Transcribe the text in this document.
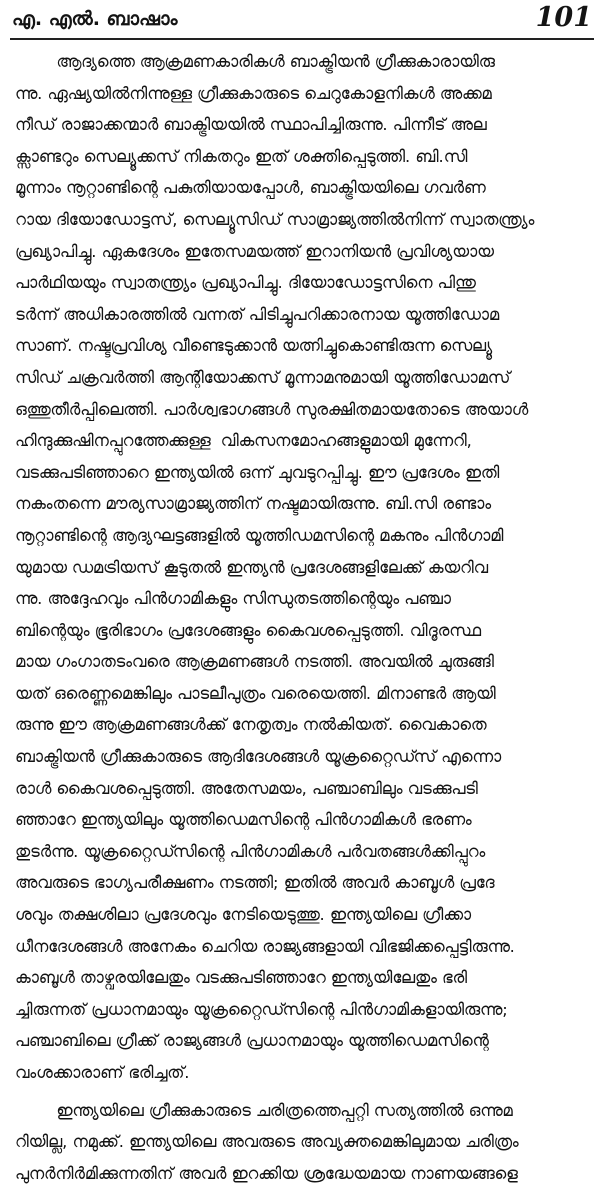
എ. എൽ. ബാഷാം	101
ആദ്യത്തെ ആക്രമണകാരികൾ ബാക്ട്രിയൻ ഗ്രീക്കുകാരായിരു
ന്നു. ഏഷ്യയിൽനിന്നുള്ള ഗ്രീക്കുകാരുടെ ചെറുകോളനികൾ അക്കമ
നീഡ് രാജാക്കന്മാർ ബാക്ട്രിയയിൽ സ്ഥാപിച്ചിരുന്നു. പിന്നീട് അല
ക്സാണ്ടറും സെല്യൂക്കസ് നികതറും ഇത് ശക്തിപ്പെടുത്തി. ബി.സി
മൂന്നാം നൂറ്റാണ്ടിന്റെ പകുതിയായപ്പോൾ, ബാക്ട്രിയയിലെ ഗവർണ
റായ ദിയോഡോട്ടസ്, സെല്യൂസിഡ് സാമ്രാജ്യത്തിൽനിന്ന് സ്വാതന്ത്ര്യം
പ്രഖ്യാപിച്ചു. ഏകദേശം ഇതേസമയത്ത് ഇറാനിയൻ പ്രവിശ്യയായ
പാർഥിയയും സ്വാതന്ത്ര്യം പ്രഖ്യാപിച്ചു. ദിയോഡോട്ടസിനെ പിന്തു
ടർന്ന് അധികാരത്തിൽ വന്നത് പിടിച്ചുപറിക്കാരനായ യൂത്തിഡോമ
സാണ്. നഷ്ടപ്രവിശ്യ വീണ്ടെടുക്കാൻ യത്നിച്ചുകൊണ്ടിരുന്ന സെല്യൂ
സിഡ് ചക്രവർത്തി ആന്റിയോക്കസ് മൂന്നാമനുമായി യൂത്തിഡോമസ്
ഒത്തുതീർപ്പിലെത്തി. പാർശ്വഭാഗങ്ങൾ സുരക്ഷിതമായതോടെ അയാൾ
ഹിന്ദുക്കുഷിനപ്പുറത്തേക്കുള്ള  വികസനമോഹങ്ങളുമായി മുന്നേറി,
വടക്കുപടിഞ്ഞാറെ ഇന്ത്യയിൽ ഒന്ന് ചുവടുറപ്പിച്ചു. ഈ പ്രദേശം ഇതി
നകംതന്നെ മൗര്യസാമ്രാജ്യത്തിന് നഷ്ടമായിരുന്നു. ബി.സി രണ്ടാം
നൂറ്റാണ്ടിന്റെ ആദ്യഘട്ടങ്ങളിൽ യൂത്തിഡമസിന്റെ മകനും പിൻഗാമി
യുമായ ഡമട്രിയസ് കൂടുതൽ ഇന്ത്യൻ പ്രദേശങ്ങളിലേക്ക് കയറിവ
ന്നു. അദ്ദേഹവും പിൻഗാമികളും സിന്ധുതടത്തിന്റെയും പഞ്ചാ
ബിന്റെയും ഭൂരിഭാഗം പ്രദേശങ്ങളും കൈവശപ്പെടുത്തി. വിദൂരസ്ഥ
മായ ഗംഗാതടംവരെ ആക്രമണങ്ങൾ നടത്തി. അവയിൽ ചുരുങ്ങി
യത് ഒരെണ്ണമെങ്കിലും പാടലീപുത്രം വരെയെത്തി. മിനാണ്ടർ ആയി
രുന്നു ഈ ആക്രമണങ്ങൾക്ക് നേതൃത്വം നൽകിയത്. വൈകാതെ
ബാക്ട്രിയൻ ഗ്രീക്കുകാരുടെ ആദിദേശങ്ങൾ യൂക്രറ്റൈഡ്സ് എന്നൊ
രാൾ കൈവശപ്പെടുത്തി. അതേസമയം, പഞ്ചാബിലും വടക്കുപടി
ഞ്ഞാറേ ഇന്ത്യയിലും യൂത്തിഡെമസിന്റെ പിൻഗാമികൾ ഭരണം
തുടർന്നു. യൂക്രറ്റൈഡ്സിന്റെ പിൻഗാമികൾ പർവതങ്ങൾക്കിപ്പുറം
അവരുടെ ഭാഗ്യപരീക്ഷണം നടത്തി; ഇതിൽ അവർ കാബൂൾ പ്രദേ
ശവും തക്ഷശിലാ പ്രദേശവും നേടിയെടുത്തു. ഇന്ത്യയിലെ ഗ്രീക്കാ
ധീനദേശങ്ങൾ അനേകം ചെറിയ രാജ്യങ്ങളായി വിഭജിക്കപ്പെട്ടിരുന്നു.
കാബൂൾ താഴ്വരയിലേതും വടക്കുപടിഞ്ഞാറേ ഇന്ത്യയിലേതും ഭരി
ച്ചിരുന്നത് പ്രധാനമായും യൂക്രറ്റൈഡ്സിന്റെ പിൻഗാമികളായിരുന്നു;
പഞ്ചാബിലെ ഗ്രീക്ക് രാജ്യങ്ങൾ പ്രധാനമായും യൂത്തിഡെമസിന്റെ
വംശക്കാരാണ് ഭരിച്ചത്.
ഇന്ത്യയിലെ ഗ്രീക്കുകാരുടെ ചരിത്രത്തെപ്പറ്റി സത്യത്തിൽ ഒന്നുമ
റിയില്ല, നമുക്ക്. ഇന്ത്യയിലെ അവരുടെ അവ്യക്തമെങ്കിലുമായ ചരിത്രം
പുനർനിർമിക്കുന്നതിന് അവർ ഇറക്കിയ ശ്രദ്ധേയമായ നാണയങ്ങളെ
